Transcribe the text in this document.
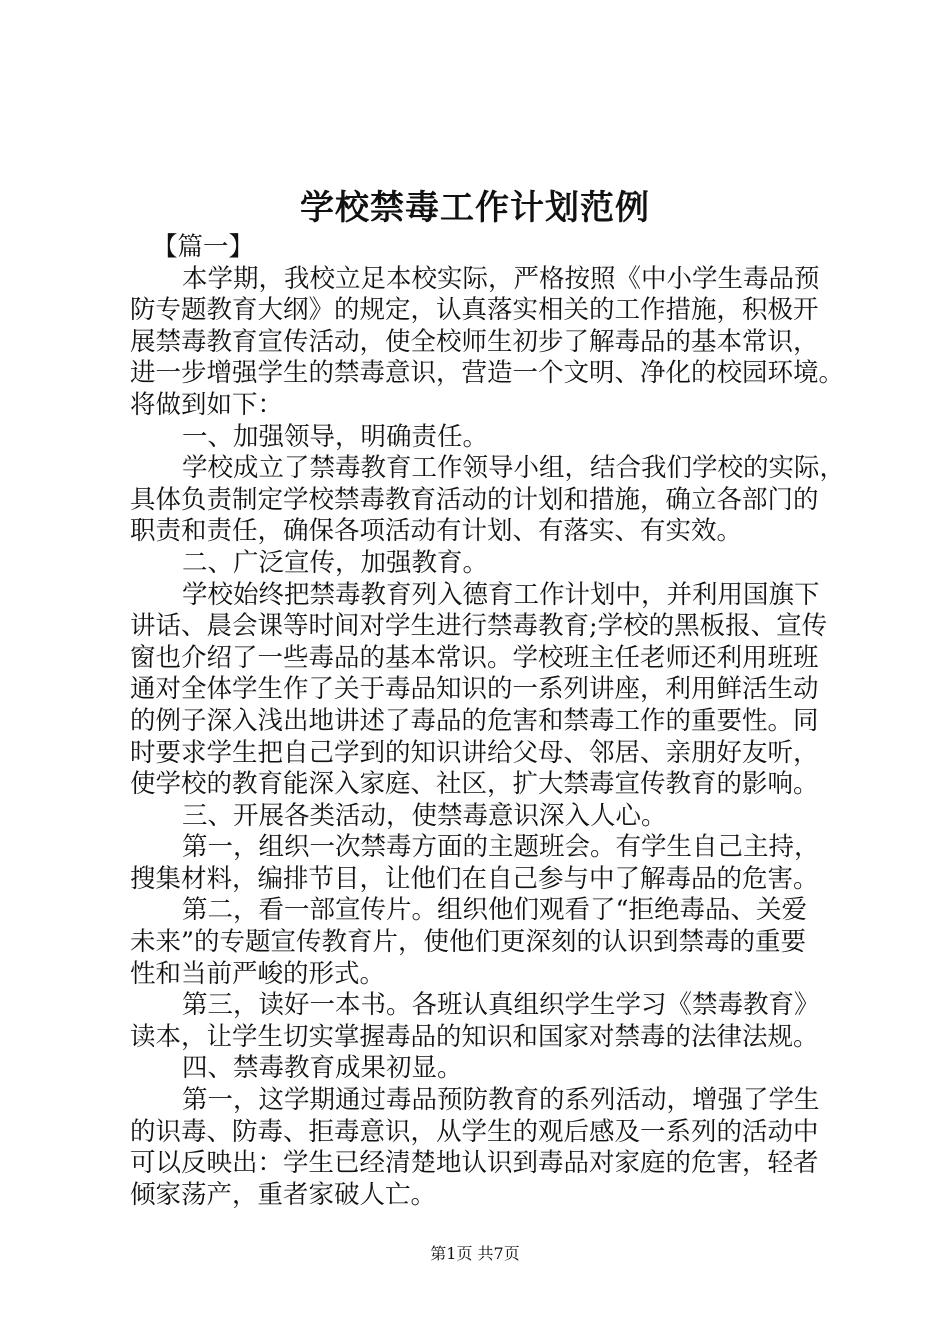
学校禁毒工作计划范例
【篇一】
本学期，我校立足本校实际，严格按照《中小学生毒品预
防专题教育大纲》的规定，认真落实相关的工作措施，积极开
展禁毒教育宣传活动，使全校师生初步了解毒品的基本常识，
进一步增强学生的禁毒意识，营造一个文明、净化的校园环境。
将做到如下：
一、加强领导，明确责任。
学校成立了禁毒教育工作领导小组，结合我们学校的实际，
具体负责制定学校禁毒教育活动的计划和措施，确立各部门的
职责和责任，确保各项活动有计划、有落实、有实效。
二、广泛宣传，加强教育。
学校始终把禁毒教育列入德育工作计划中，并利用国旗下
讲话、晨会课等时间对学生进行禁毒教育;学校的黑板报、宣传
窗也介绍了一些毒品的基本常识。学校班主任老师还利用班班
通对全体学生作了关于毒品知识的一系列讲座，利用鲜活生动
的例子深入浅出地讲述了毒品的危害和禁毒工作的重要性。同
时要求学生把自己学到的知识讲给父母、邻居、亲朋好友听，
使学校的教育能深入家庭、社区，扩大禁毒宣传教育的影响。
三、开展各类活动，使禁毒意识深入人心。
第一，组织一次禁毒方面的主题班会。有学生自己主持，
搜集材料，编排节目，让他们在自己参与中了解毒品的危害。
第二，看一部宣传片。组织他们观看了“拒绝毒品、关爱
未来”的专题宣传教育片，使他们更深刻的认识到禁毒的重要
性和当前严峻的形式。
第三，读好一本书。各班认真组织学生学习《禁毒教育》
读本，让学生切实掌握毒品的知识和国家对禁毒的法律法规。
四、禁毒教育成果初显。
第一，这学期通过毒品预防教育的系列活动，增强了学生
的识毒、防毒、拒毒意识，从学生的观后感及一系列的活动中
可以反映出：学生已经清楚地认识到毒品对家庭的危害，轻者
倾家荡产，重者家破人亡。
第1页 共7页
